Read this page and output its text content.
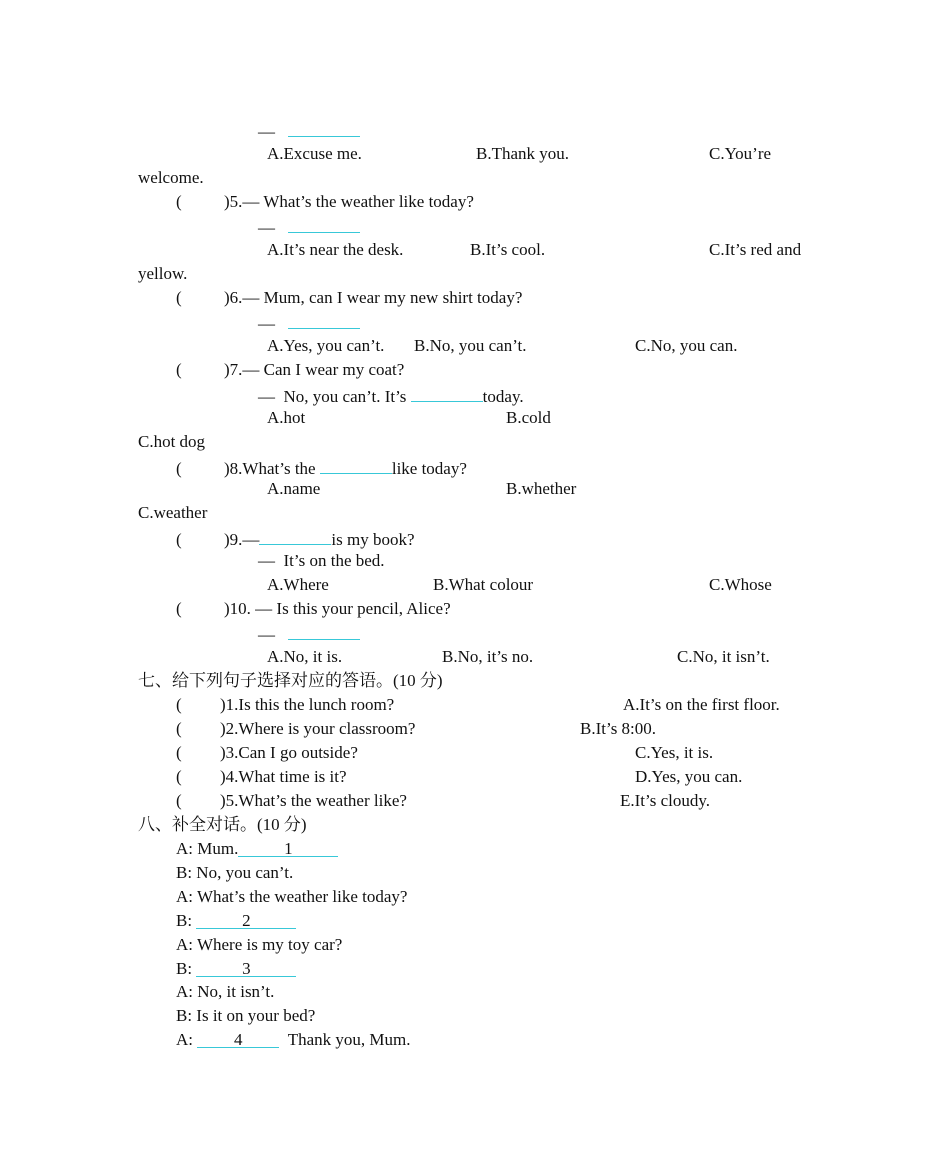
—
A.Excuse me.	B.Thank you.	C.You’re
welcome.
( )5.— What’s the weather like today?
—
A.It’s near the desk.	B.It’s cool.	C.It’s red and
yellow.
( )6.— Mum, can I wear my new shirt today?
—
A.Yes, you can’t. B.No, you can’t.	C.No, you can.
( )7.— Can I wear my coat?
— No, you can’t. It’s	today.
A.hot	B.cold
C.hot dog
( )8.What’s the	like today?
A.name	B.whether
C.weather
( )9.—	is my book?
— It’s on the bed.
A.Where	B.What colour	C.Whose
( )10. — Is this your pencil, Alice?
—
A.No, it is.	B.No, it’s no.	C.No, it isn’t.
七、给下列句子选择对应的答语。(10 分)
( )1.Is this the lunch room?	A.It’s on the first floor.
( )2.Where is your classroom?	B.It’s 8:00.
( )3.Can I go outside?	C.Yes, it is.
( )4.What time is it?	D.Yes, you can.
( )5.What’s the weather like?	E.It’s cloudy.
八、补全对话。(10 分)
A: Mum.	1
B: No, you can’t.
A: What’s the weather like today?
B:	2
A: Where is my toy car?
B:	3
A: No, it isn’t.
B: Is it on your bed?
A: 4	Thank you, Mum.
